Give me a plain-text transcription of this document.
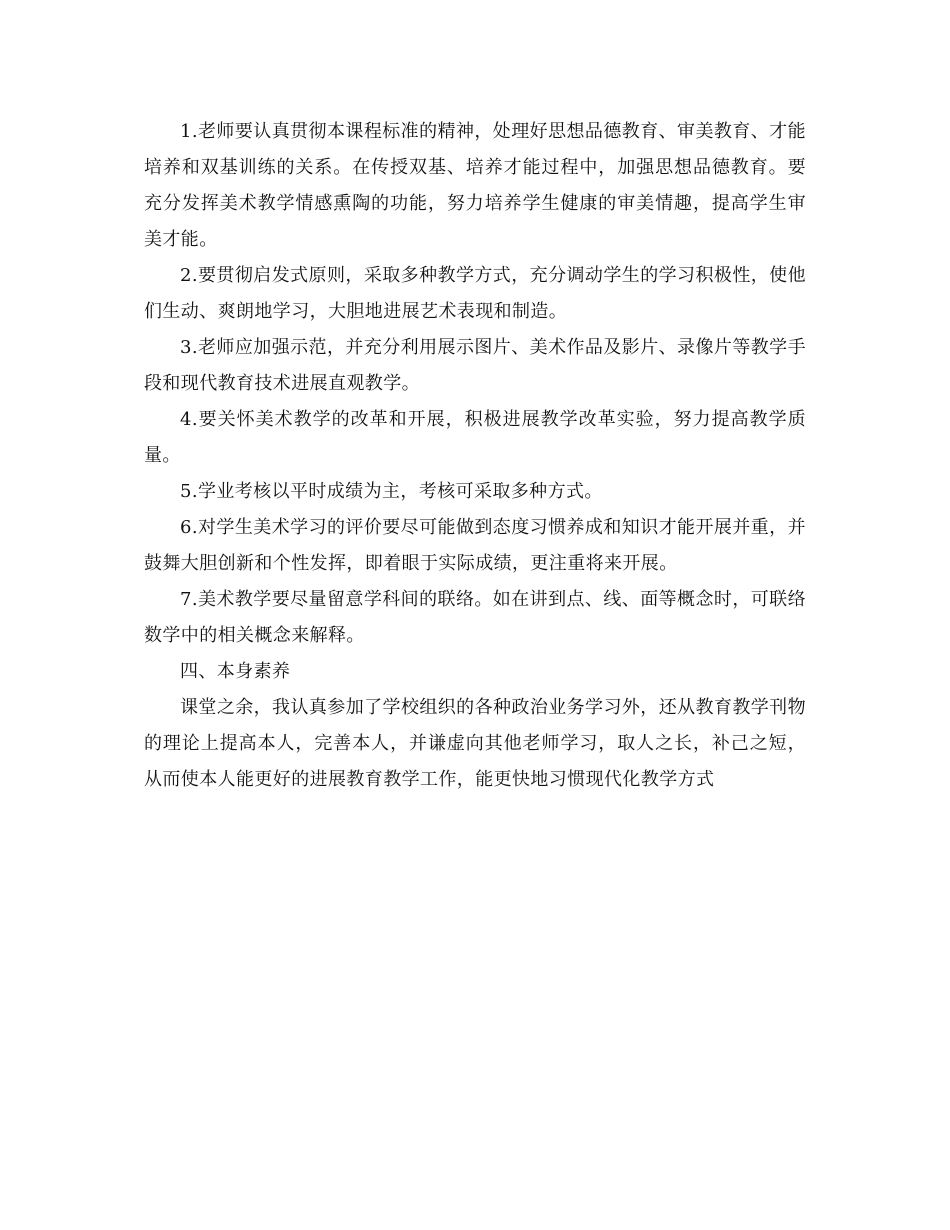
1.老师要认真贯彻本课程标准的精神，处理好思想品德教育、审美教育、才能培养和双基训练的关系。在传授双基、培养才能过程中，加强思想品德教育。要充分发挥美术教学情感熏陶的功能，努力培养学生健康的审美情趣，提高学生审美才能。

2.要贯彻启发式原则，采取多种教学方式，充分调动学生的学习积极性，使他们生动、爽朗地学习，大胆地进展艺术表现和制造。

3.老师应加强示范，并充分利用展示图片、美术作品及影片、录像片等教学手段和现代教育技术进展直观教学。

4.要关怀美术教学的改革和开展，积极进展教学改革实验，努力提高教学质量。

5.学业考核以平时成绩为主，考核可采取多种方式。

6.对学生美术学习的评价要尽可能做到态度习惯养成和知识才能开展并重，并鼓舞大胆创新和个性发挥，即着眼于实际成绩，更注重将来开展。

7.美术教学要尽量留意学科间的联络。如在讲到点、线、面等概念时，可联络数学中的相关概念来解释。

四、本身素养

课堂之余，我认真参加了学校组织的各种政治业务学习外，还从教育教学刊物的理论上提高本人，完善本人，并谦虚向其他老师学习，取人之长，补己之短，从而使本人能更好的进展教育教学工作，能更快地习惯现代化教学方式
